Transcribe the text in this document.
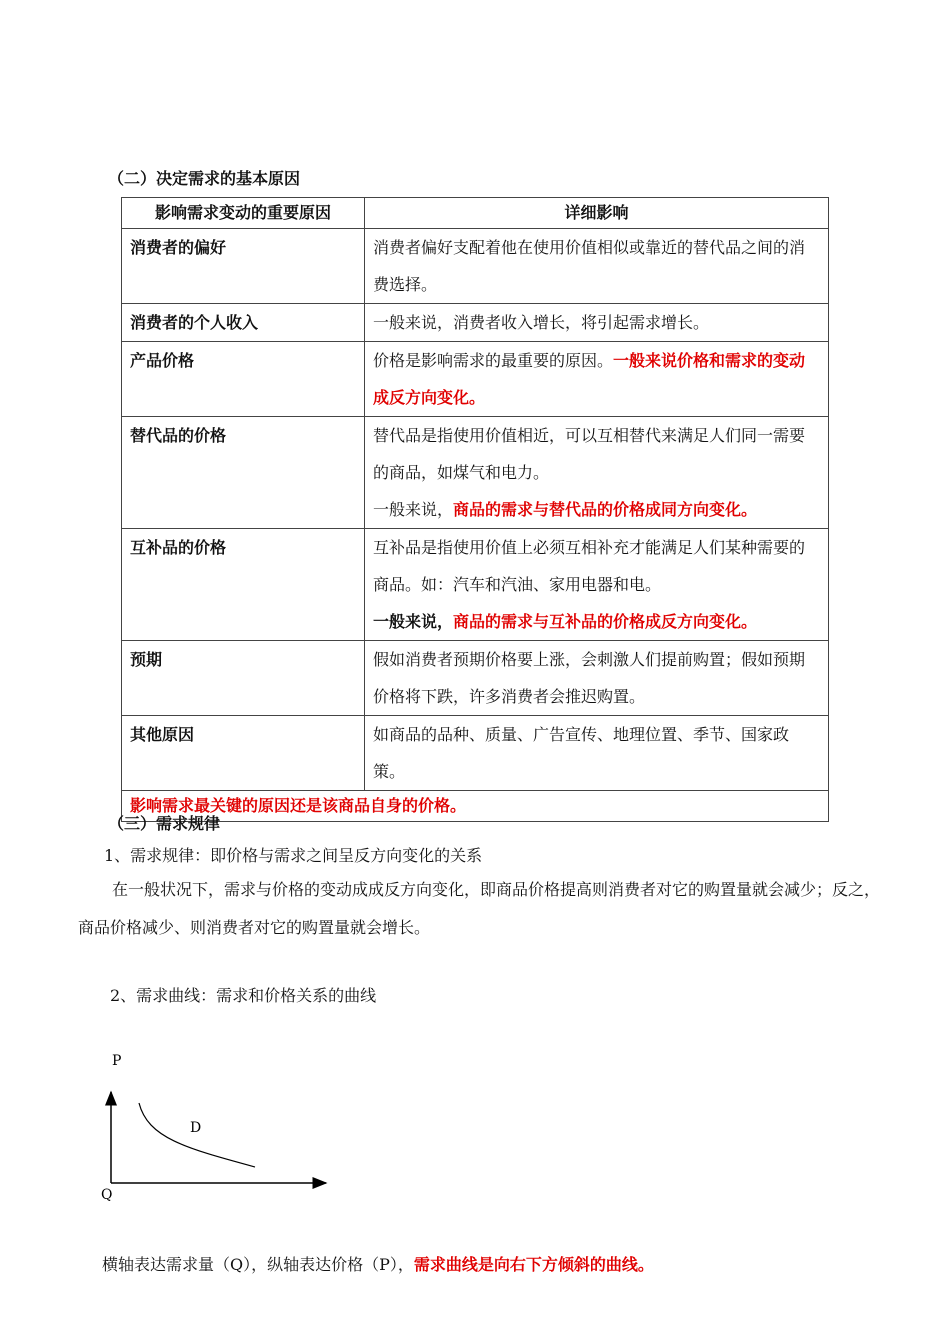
（二）决定需求的基本原因
影响需求变动的重要原因	详细影响
消费者的偏好	消费者偏好支配着他在使用价值相似或靠近的替代品之间的消费选择。
消费者的个人收入	一般来说，消费者收入增长，将引起需求增长。
产品价格	价格是影响需求的最重要的原因。一般来说价格和需求的变动成反方向变化。
替代品的价格	替代品是指使用价值相近，可以互相替代来满足人们同一需要的商品，如煤气和电力。
一般来说，商品的需求与替代品的价格成同方向变化。
互补品的价格	互补品是指使用价值上必须互相补充才能满足人们某种需要的商品。如：汽车和汽油、家用电器和电。
一般来说，商品的需求与互补品的价格成反方向变化。
预期	假如消费者预期价格要上涨，会刺激人们提前购置；假如预期价格将下跌，许多消费者会推迟购置。
其他原因	如商品的品种、质量、广告宣传、地理位置、季节、国家政策。
影响需求最关键的原因还是该商品自身的价格。	
（三）需求规律
1、需求规律：即价格与需求之间呈反方向变化的关系
在一般状况下，需求与价格的变动成成反方向变化，即商品价格提高则消费者对它的购置量就会减少；反之，商品价格减少、则消费者对它的购置量就会增长。
2、需求曲线：需求和价格关系的曲线
P
Q
D
横轴表达需求量（Q），纵轴表达价格（P），需求曲线是向右下方倾斜的曲线。
